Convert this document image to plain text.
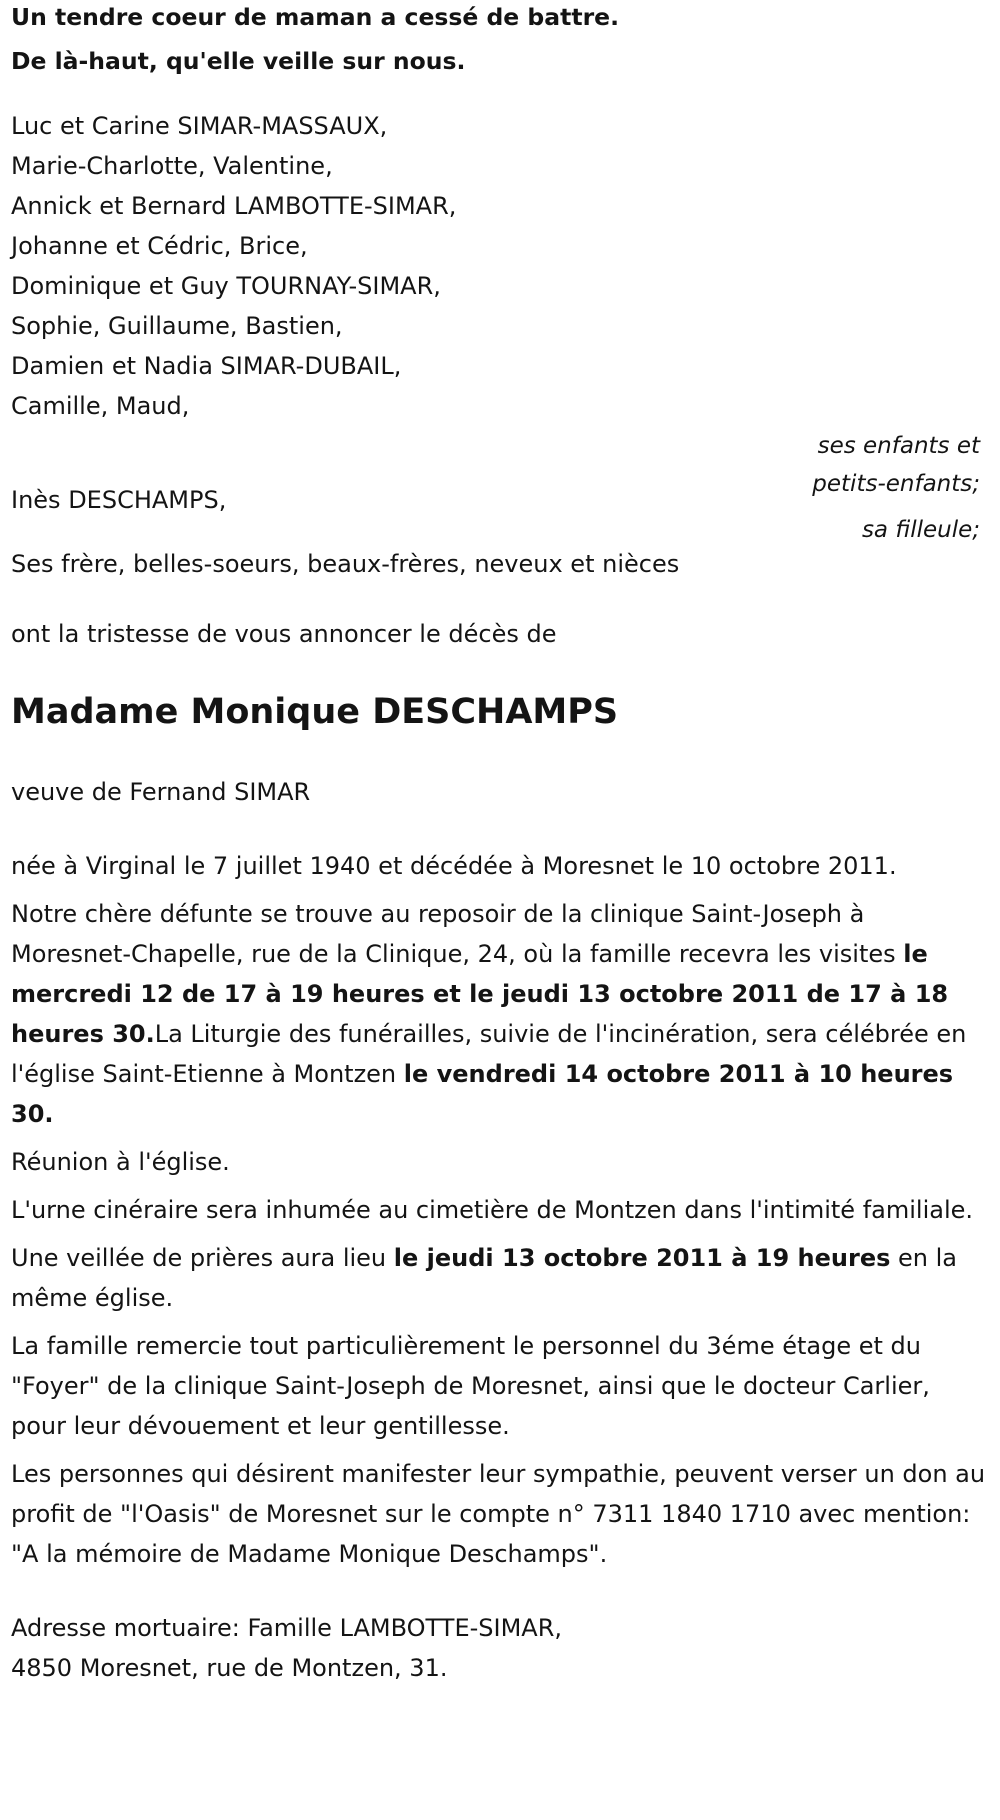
Un tendre coeur de maman a cessé de battre.
De là-haut, qu'elle veille sur nous.
Luc et Carine SIMAR-MASSAUX,
Marie-Charlotte, Valentine,
Annick et Bernard LAMBOTTE-SIMAR,
Johanne et Cédric, Brice,
Dominique et Guy TOURNAY-SIMAR,
Sophie, Guillaume, Bastien,
Damien et Nadia SIMAR-DUBAIL,
Camille, Maud,
ses enfants et
petits-enfants;
Inès DESCHAMPS,
sa filleule;
Ses frère, belles-soeurs, beaux-frères, neveux et nièces
ont la tristesse de vous annoncer le décès de
Madame Monique DESCHAMPS
veuve de Fernand SIMAR

née à Virginal le 7 juillet 1940 et décédée à Moresnet le 10 octobre 2011.

Notre chère défunte se trouve au reposoir de la clinique Saint-Joseph à Moresnet-Chapelle, rue de la Clinique, 24, où la famille recevra les visites le mercredi 12 de 17 à 19 heures et le jeudi 13 octobre 2011 de 17 à 18 heures 30.La Liturgie des funérailles, suivie de l'incinération, sera célébrée en l'église Saint-Etienne à Montzen le vendredi 14 octobre 2011 à 10 heures 30.

Réunion à l'église.

L'urne cinéraire sera inhumée au cimetière de Montzen dans l'intimité familiale.

Une veillée de prières aura lieu le jeudi 13 octobre 2011 à 19 heures en la même église.

La famille remercie tout particulièrement le personnel du 3éme étage et du "Foyer" de la clinique Saint-Joseph de Moresnet, ainsi que le docteur Carlier, pour leur dévouement et leur gentillesse.

Les personnes qui désirent manifester leur sympathie, peuvent verser un don au profit de "l'Oasis" de Moresnet sur le compte n° 7311 1840 1710 avec mention: "A la mémoire de Madame Monique Deschamps".

Adresse mortuaire: Famille LAMBOTTE-SIMAR,
4850 Moresnet, rue de Montzen, 31.
